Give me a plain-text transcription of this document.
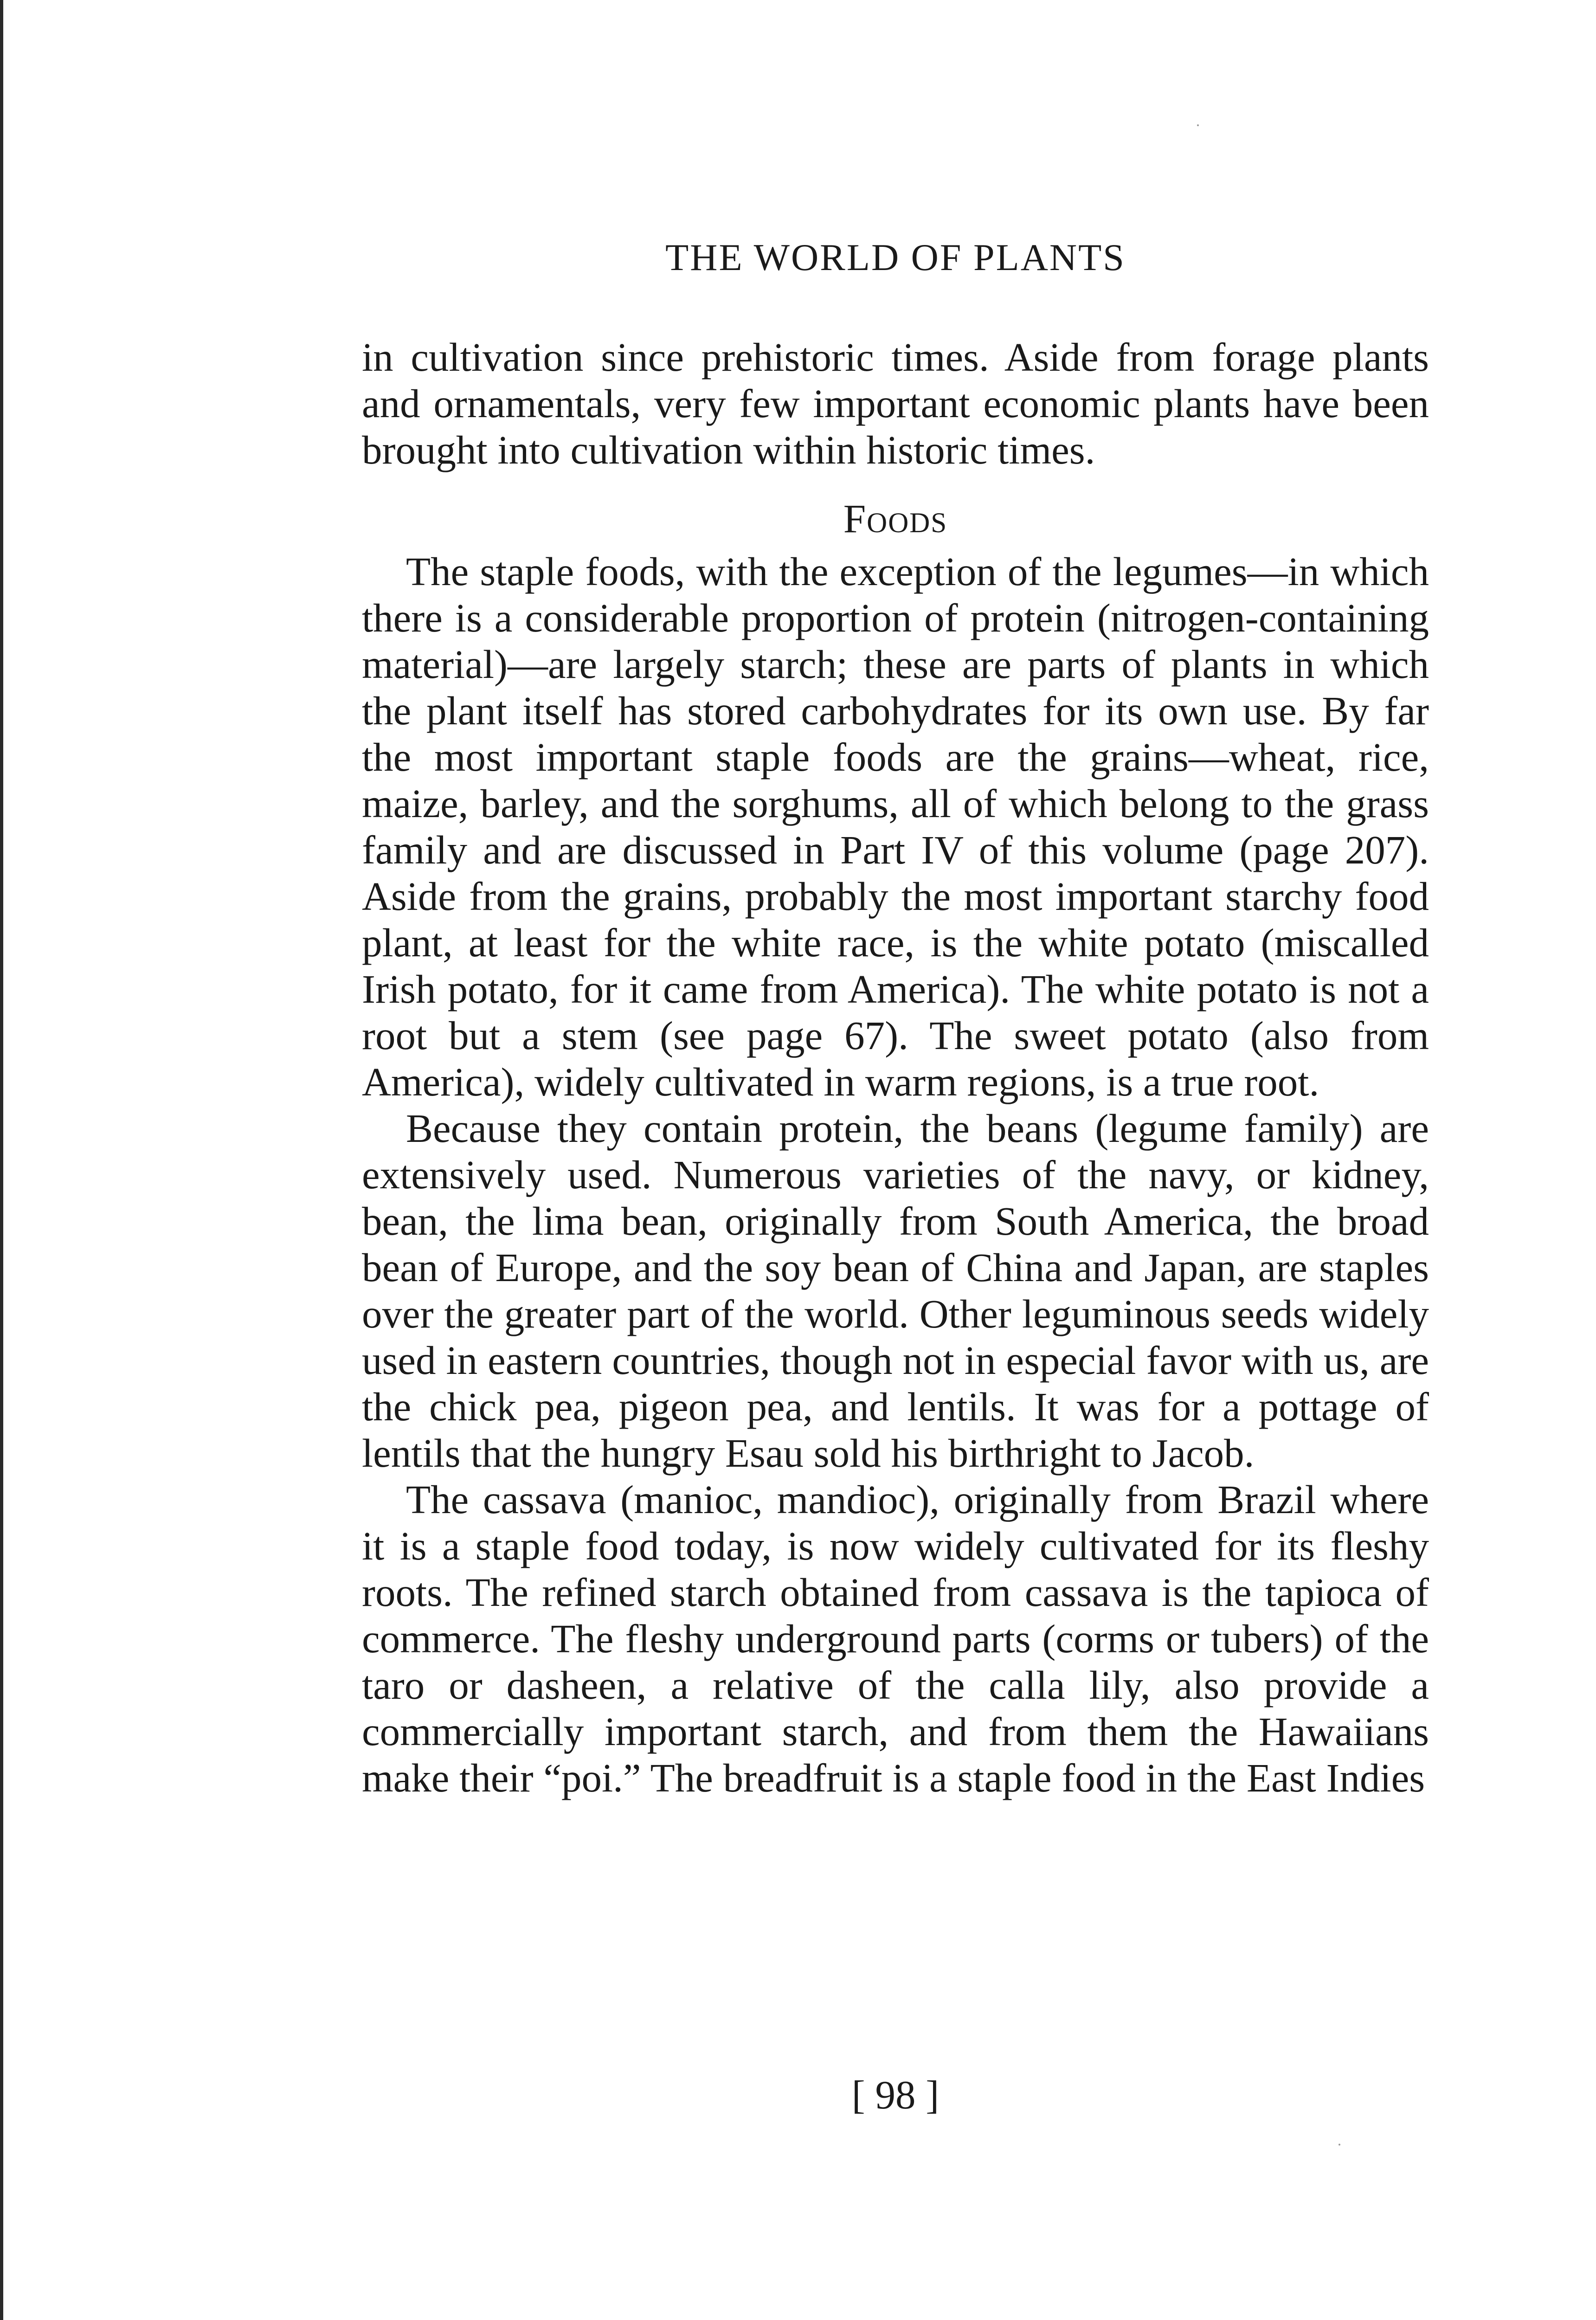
THE WORLD OF PLANTS

in cultivation since prehistoric times. Aside from forage plants and ornamentals, very few important economic plants have been brought into cultivation within historic times.

Foods

The staple foods, with the exception of the legumes—in which there is a considerable proportion of protein (nitrogen-containing material)—are largely starch; these are parts of plants in which the plant itself has stored carbohydrates for its own use. By far the most important staple foods are the grains—wheat, rice, maize, barley, and the sorghums, all of which belong to the grass family and are discussed in Part IV of this volume (page 207). Aside from the grains, probably the most important starchy food plant, at least for the white race, is the white potato (miscalled Irish potato, for it came from America). The white potato is not a root but a stem (see page 67). The sweet potato (also from America), widely cultivated in warm regions, is a true root.

Because they contain protein, the beans (legume family) are extensively used. Numerous varieties of the navy, or kidney, bean, the lima bean, originally from South America, the broad bean of Europe, and the soy bean of China and Japan, are staples over the greater part of the world. Other leguminous seeds widely used in eastern countries, though not in especial favor with us, are the chick pea, pigeon pea, and lentils. It was for a pottage of lentils that the hungry Esau sold his birthright to Jacob.

The cassava (manioc, mandioc), originally from Brazil where it is a staple food today, is now widely cultivated for its fleshy roots. The refined starch obtained from cassava is the tapioca of commerce. The fleshy underground parts (corms or tubers) of the taro or dasheen, a relative of the calla lily, also provide a commercially important starch, and from them the Hawaiians make their “poi.” The breadfruit is a staple food in the East Indies

[ 98 ]
